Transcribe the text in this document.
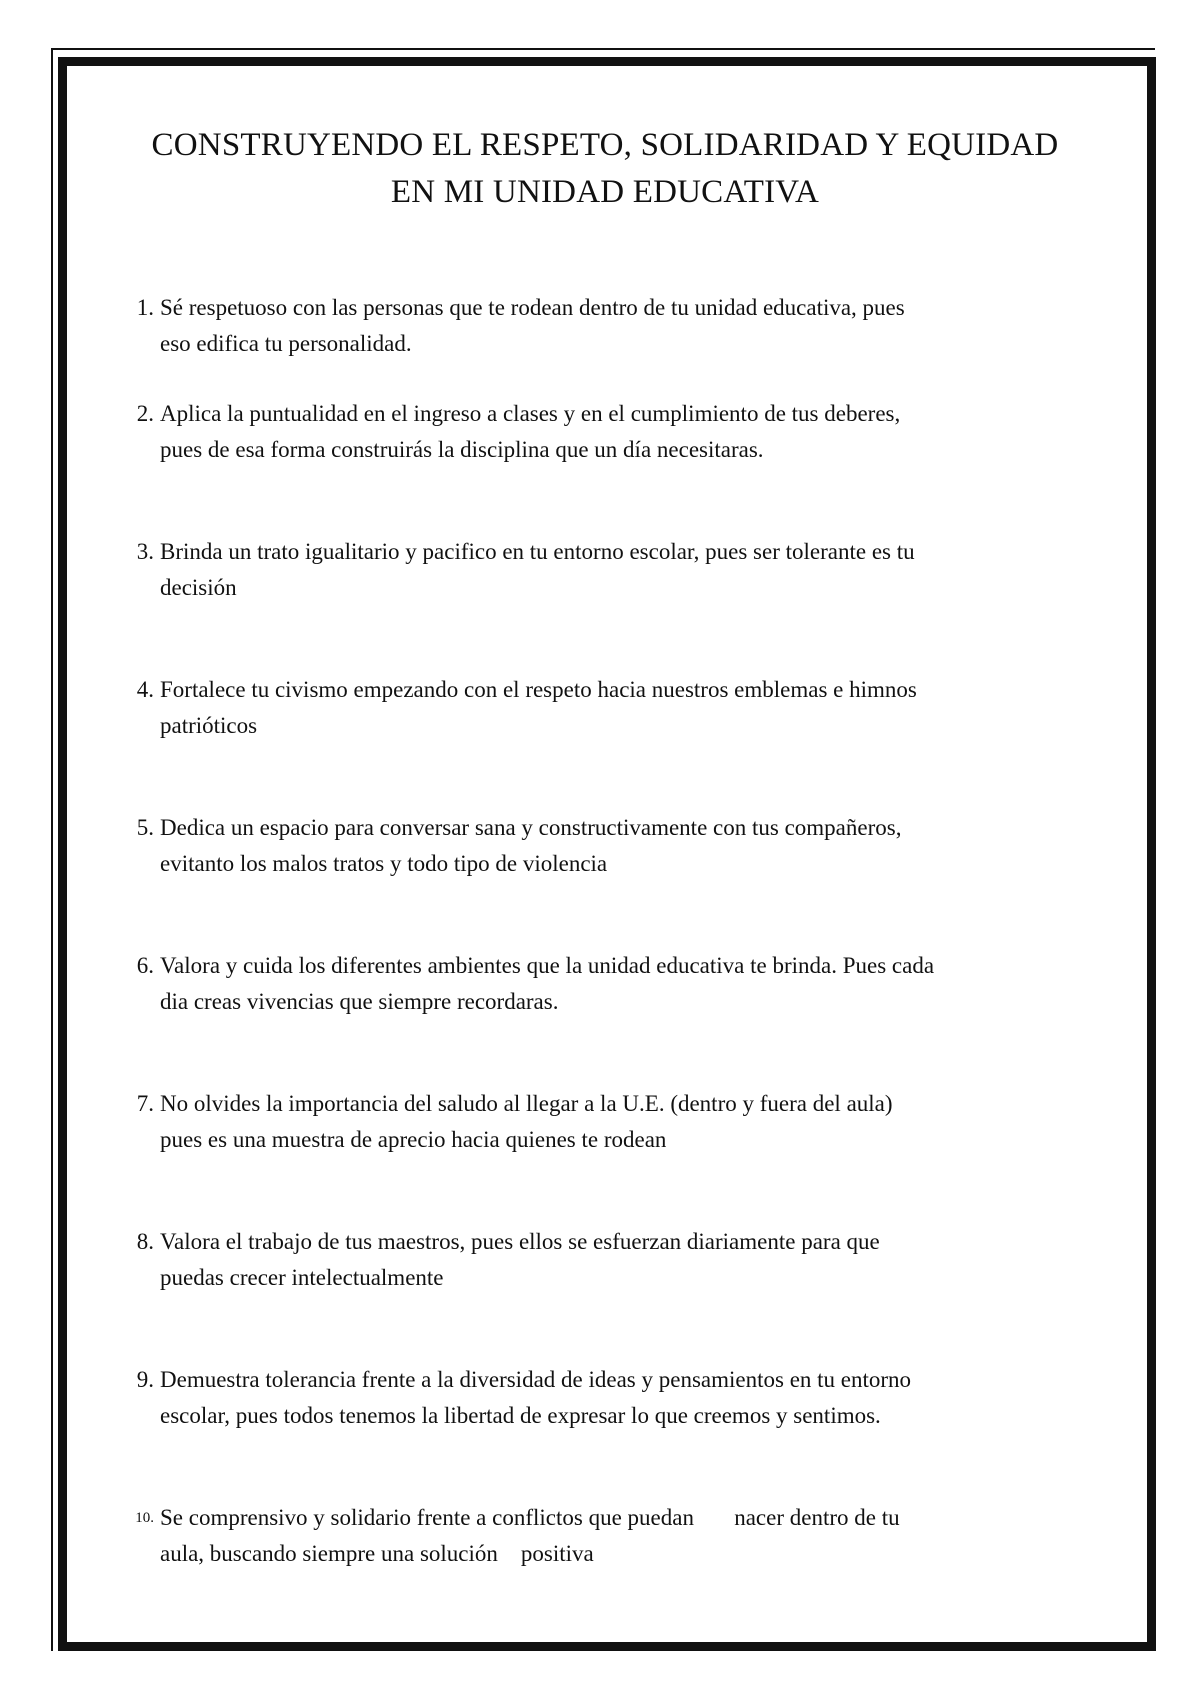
CONSTRUYENDO EL RESPETO, SOLIDARIDAD Y EQUIDAD
EN MI UNIDAD EDUCATIVA
1. Sé respetuoso con las personas que te rodean dentro de tu unidad educativa, pues
eso edifica tu personalidad.
2. Aplica la puntualidad en el ingreso a clases y en el cumplimiento de tus deberes,
pues de esa forma construirás la disciplina que un día necesitaras.
3. Brinda un trato igualitario y pacifico en tu entorno escolar, pues ser tolerante es tu
decisión
4. Fortalece tu civismo empezando con el respeto hacia nuestros emblemas e himnos
patrióticos
5. Dedica un espacio para conversar sana y constructivamente con tus compañeros,
evitanto los malos tratos y todo tipo de violencia
6. Valora y cuida los diferentes ambientes que la unidad educativa te brinda. Pues cada
dia creas vivencias que siempre recordaras.
7. No olvides la importancia del saludo al llegar a la U.E. (dentro y fuera del aula)
pues es una muestra de aprecio hacia quienes te rodean
8. Valora el trabajo de tus maestros, pues ellos se esfuerzan diariamente para que
puedas crecer intelectualmente
9. Demuestra tolerancia frente a la diversidad de ideas y pensamientos en tu entorno
escolar, pues todos tenemos la libertad de expresar lo que creemos y sentimos.
10. Se comprensivo y solidario frente a conflictos que puedan       nacer dentro de tu
aula, buscando siempre una solución    positiva
